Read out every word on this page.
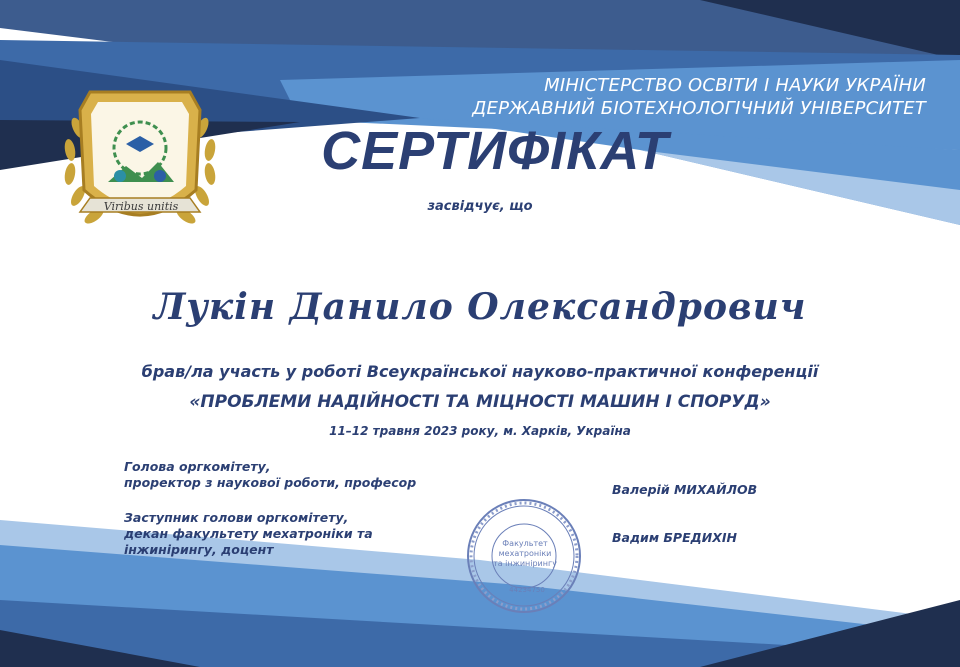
МІНІСТЕРСТВО ОСВІТИ І НАУКИ УКРАЇНИ
ДЕРЖАВНИЙ БІОТЕХНОЛОГІЧНИЙ УНІВЕРСИТЕТ
Viribus unitis
СЕРТИФІКАТ
засвідчує, що
Лукін Данило Олександрович
брав/ла участь у роботі Всеукраїнської науково-практичної конференції
«ПРОБЛЕМИ НАДІЙНОСТІ ТА МІЦНОСТІ МАШИН І СПОРУД»
11–12 травня 2023 року, м. Харків, Україна
Голова оргкомітету,
проректор з наукової роботи, професор
Заступник голови оргкомітету,
декан факультету мехатроніки та
інжинірингу, доцент
Валерій МИХАЙЛОВ
Вадим БРЕДИХІН
Факультет
мехатроніки
та інжинірингу
44234750
